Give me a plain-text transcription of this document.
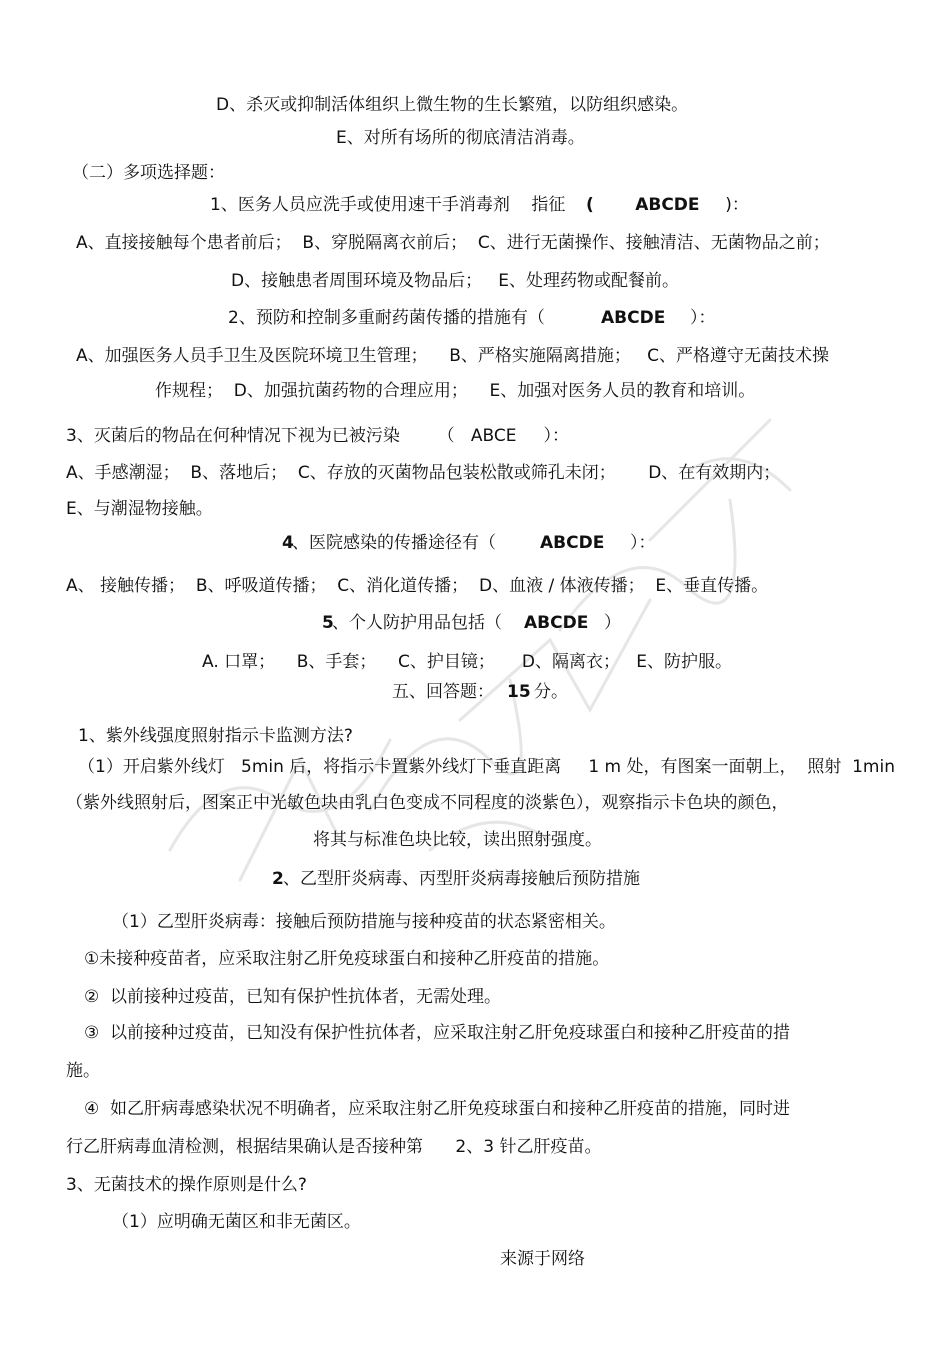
D、杀灭或抑制活体组织上微生物的生长繁殖，以防组织感染。
E、对所有场所的彻底清洁消毒。
（二）多项选择题：
1、医务人员应洗手或使用速干手消毒剂    指征 (       ABCDE
)：
A、直接接触每个患者前后；  B、穿脱隔离衣前后；  C、进行无菌操作、接触清洁、无菌物品之前；
D、接触患者周围环境及物品后；   E、处理药物或配餐前。
2、预防和控制多重耐药菌传播的措施有（	ABCDE ）：
A、加强医务人员手卫生及医院环境卫生管理；    B、严格实施隔离措施；   C、严格遵守无菌技术操
作规程；  D、加强抗菌药物的合理应用；    E、加强对医务人员的教育和培训。
3、灭菌后的物品在何种情况下视为已被污染       （   ABCE     ）：
A、手感潮湿；  B、落地后；  C、存放的灭菌物品包装松散或筛孔未闭；      D、在有效期内；
E、与潮湿物接触。
4
、医院感染的传播途径有（	ABCDE ）：
A、 接触传播；  B、呼吸道传播；  C、消化道传播；  D、血液 / 体液传播；  E、垂直传播。
5
、个人防护用品包括（ ABCDE ）
A. 口罩；    B、手套；    C、护目镜；     D、隔离衣；   E、防护服。
五、回答题： 15 分。
1、紫外线强度照射指示卡监测方法?
（1）开启紫外线灯   5min 后，将指示卡置紫外线灯下垂直距离     1 m 处，有图案一面朝上，  照射  1min
（紫外线照射后，图案正中光敏色块由乳白色变成不同程度的淡紫色），观察指示卡色块的颜色，
将其与标准色块比较，读出照射强度。
2 、乙型肝炎病毒、丙型肝炎病毒接触后预防措施
（1）乙型肝炎病毒：接触后预防措施与接种疫苗的状态紧密相关。
①未接种疫苗者，应采取注射乙肝免疫球蛋白和接种乙肝疫苗的措施。
②  以前接种过疫苗，已知有保护性抗体者，无需处理。
③  以前接种过疫苗，已知没有保护性抗体者，应采取注射乙肝免疫球蛋白和接种乙肝疫苗的措
施。
④  如乙肝病毒感染状况不明确者，应采取注射乙肝免疫球蛋白和接种乙肝疫苗的措施，同时进
行乙肝病毒血清检测，根据结果确认是否接种第      2、3 针乙肝疫苗。
3、无菌技术的操作原则是什么?
（1）应明确无菌区和非无菌区。
来源于网络
